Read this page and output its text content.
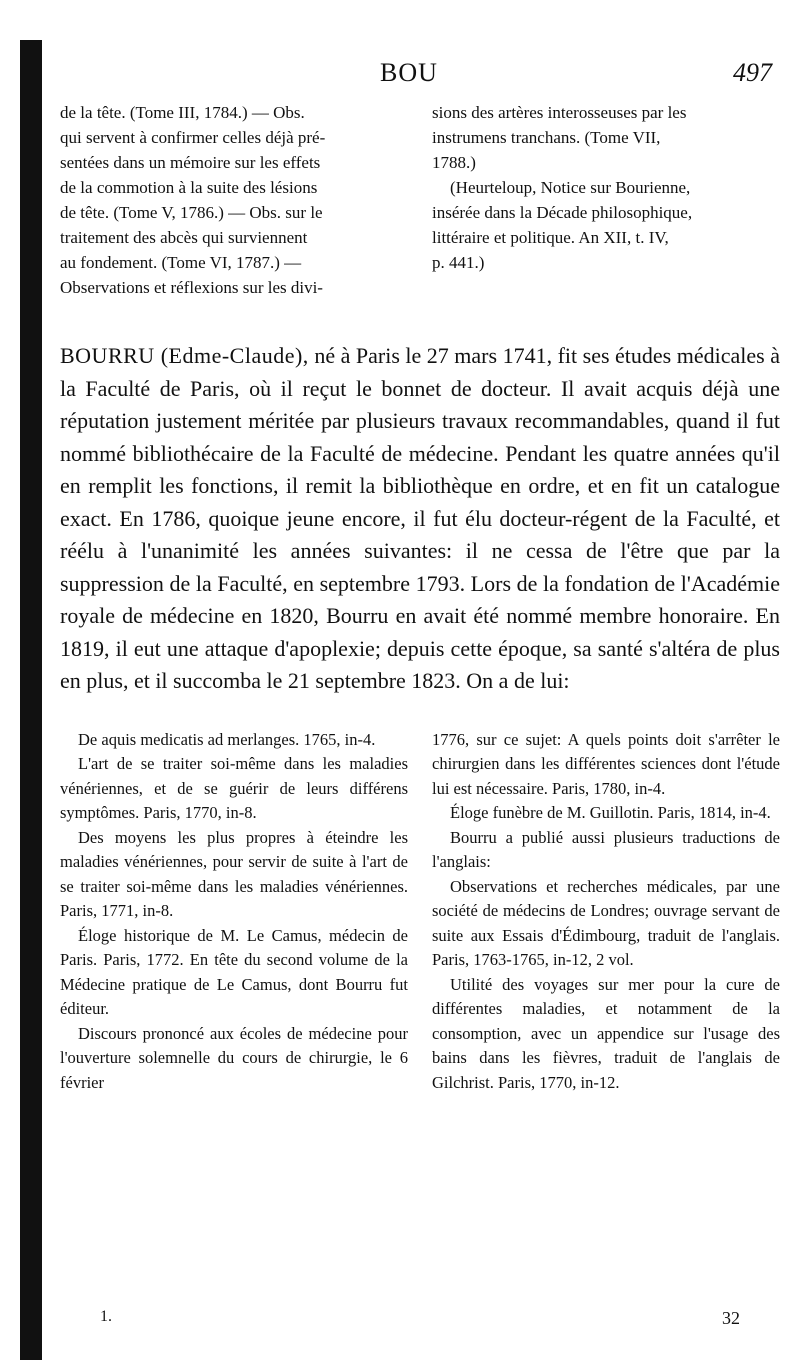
BOU	497

de la tête. (Tome III, 1784.) — Obs.

qui servent à confirmer celles déjà pré-

sentées dans un mémoire sur les effets

de la commotion à la suite des lésions

de tête. (Tome V, 1786.) — Obs. sur le

traitement des abcès qui surviennent

au fondement. (Tome VI, 1787.) —

Observations et réflexions sur les divi-

sions des artères interosseuses par les

instrumens tranchans. (Tome VII,

1788.)

(Heurteloup, Notice sur Bourienne,

insérée dans la Décade philosophique,

littéraire et politique. An XII, t. IV,

p. 441.)

BOURRU (Edme-Claude), né à Paris le 27 mars 1741, fit ses études médicales à la Faculté de Paris, où il reçut le bonnet de docteur. Il avait acquis déjà une réputation justement méritée par plusieurs travaux recommandables, quand il fut nommé bibliothécaire de la Faculté de médecine. Pendant les quatre années qu'il en remplit les fonctions, il remit la bibliothèque en ordre, et en fit un catalogue exact. En 1786, quoique jeune encore, il fut élu docteur-régent de la Faculté, et réélu à l'unanimité les années suivantes: il ne cessa de l'être que par la suppression de la Faculté, en septembre 1793. Lors de la fondation de l'Académie royale de médecine en 1820, Bourru en avait été nommé membre honoraire. En 1819, il eut une attaque d'apoplexie; depuis cette époque, sa santé s'altéra de plus en plus, et il succomba le 21 septembre 1823. On a de lui:

De aquis medicatis ad merlanges. 1765, in-4.

L'art de se traiter soi-même dans les maladies vénériennes, et de se guérir de leurs différens symptômes. Paris, 1770, in-8.

Des moyens les plus propres à éteindre les maladies vénériennes, pour servir de suite à l'art de se traiter soi-même dans les maladies vénériennes. Paris, 1771, in-8.

Éloge historique de M. Le Camus, médecin de Paris. Paris, 1772. En tête du second volume de la Médecine pratique de Le Camus, dont Bourru fut éditeur.

Discours prononcé aux écoles de médecine pour l'ouverture solemnelle du cours de chirurgie, le 6 février

1776, sur ce sujet: A quels points doit s'arrêter le chirurgien dans les différentes sciences dont l'étude lui est nécessaire. Paris, 1780, in-4.

Éloge funèbre de M. Guillotin. Paris, 1814, in-4.

Bourru a publié aussi plusieurs traductions de l'anglais:

Observations et recherches médicales, par une société de médecins de Londres; ouvrage servant de suite aux Essais d'Édimbourg, traduit de l'anglais. Paris, 1763-1765, in-12, 2 vol.

Utilité des voyages sur mer pour la cure de différentes maladies, et notamment de la consomption, avec un appendice sur l'usage des bains dans les fièvres, traduit de l'anglais de Gilchrist. Paris, 1770, in-12.

1.	32
